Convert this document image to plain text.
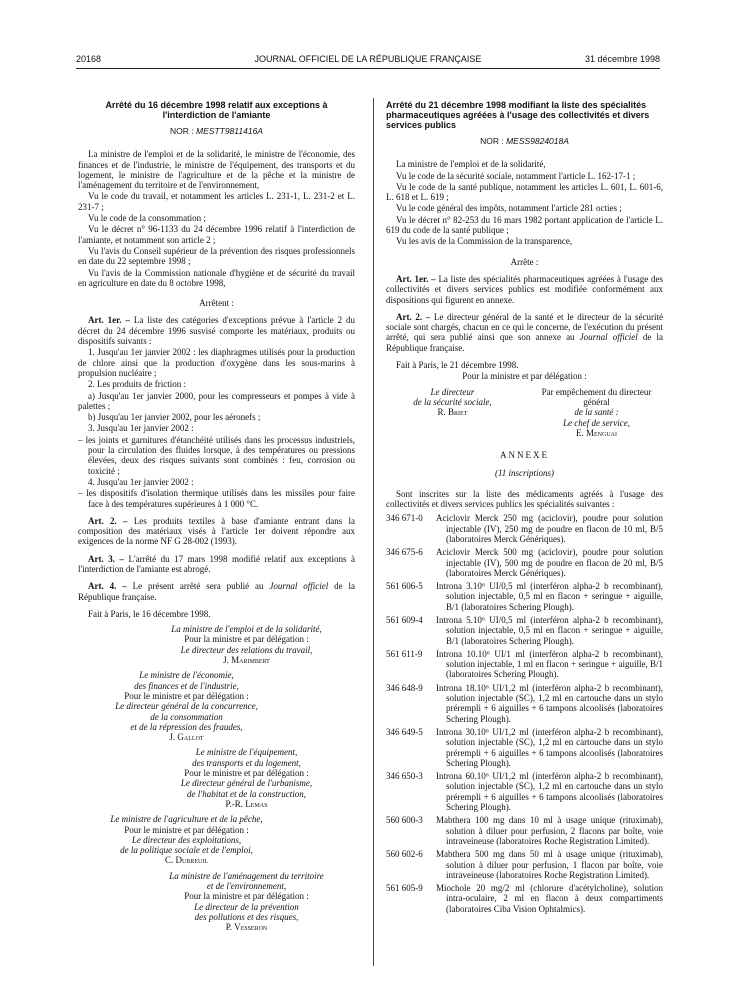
20168	JOURNAL OFFICIEL DE LA RÉPUBLIQUE FRANÇAISE	31 décembre 1998
Arrêté du 16 décembre 1998 relatif aux exceptions à l'interdiction de l'amiante
NOR : MESTT9811416A

La ministre de l'emploi et de la solidarité, le ministre de l'économie, des finances et de l'industrie, le ministre de l'équipement, des transports et du logement, le ministre de l'agriculture et de la pêche et la ministre de l'aménagement du territoire et de l'environnement,

Vu le code du travail, et notamment les articles L. 231-1, L. 231-2 et L. 231-7 ;

Vu le code de la consommation ;

Vu le décret n° 96-1133 du 24 décembre 1996 relatif à l'interdiction de l'amiante, et notamment son article 2 ;

Vu l'avis du Conseil supérieur de la prévention des risques professionnels en date du 22 septembre 1998 ;

Vu l'avis de la Commission nationale d'hygiène et de sécurité du travail en agriculture en date du 8 octobre 1998,

Arrêtent :

Art. 1er. – La liste des catégories d'exceptions prévue à l'article 2 du décret du 24 décembre 1996 susvisé comporte les matériaux, produits ou dispositifs suivants :

1. Jusqu'au 1er janvier 2002 : les diaphragmes utilisés pour la production de chlore ainsi que la production d'oxygène dans les sous-marins à propulsion nucléaire ;

2. Les produits de friction :

a) Jusqu'au 1er janvier 2000, pour les compresseurs et pompes à vide à palettes ;

b) Jusqu'au 1er janvier 2002, pour les aéronefs ;

3. Jusqu'au 1er janvier 2002 :

– les joints et garnitures d'étanchéité utilisés dans les processus industriels, pour la circulation des fluides lorsque, à des températures ou pressions élevées, deux des risques suivants sont combinés : feu, corrosion ou toxicité ;

4. Jusqu'au 1er janvier 2002 :

– les dispositifs d'isolation thermique utilisés dans les missiles pour faire face à des températures supérieures à 1 000 °C.

Art. 2. – Les produits textiles à base d'amiante entrant dans la composition des matériaux visés à l'article 1er doivent répondre aux exigences de la norme NF G 28-002 (1993).

Art. 3. – L'arrêté du 17 mars 1998 modifié relatif aux exceptions à l'interdiction de l'amiante est abrogé.

Art. 4. – Le présent arrêté sera publié au Journal officiel de la République française.

Fait à Paris, le 16 décembre 1998.

La ministre de l'emploi et de la solidarité,
Pour la ministre et par délégation :
Le directeur des relations du travail,
J. Marimbert
Le ministre de l'économie,
des finances et de l'industrie,
Pour le ministre et par délégation :
Le directeur général de la concurrence,
de la consommation
et de la répression des fraudes,
J. Gallot
Le ministre de l'équipement,
des transports et du logement,
Pour le ministre et par délégation :
Le directeur général de l'urbanisme,
de l'habitat et de la construction,
P.-R. Lemas
Le ministre de l'agriculture et de la pêche,
Pour le ministre et par délégation :
Le directeur des exploitations,
de la politique sociale et de l'emploi,
C. Dubreuil
La ministre de l'aménagement du territoire
et de l'environnement,
Pour la ministre et par délégation :
Le directeur de la prévention
des pollutions et des risques,
P. Vesseron
Arrêté du 21 décembre 1998 modifiant la liste des spécialités pharmaceutiques agréées à l'usage des collectivités et divers services publics
NOR : MESS9824018A

La ministre de l'emploi et de la solidarité,

Vu le code de la sécurité sociale, notamment l'article L. 162-17-1 ;

Vu le code de la santé publique, notamment les articles L. 601, L. 601-6, L. 618 et L. 619 ;

Vu le code général des impôts, notamment l'article 281 octies ;

Vu le décret n° 82-253 du 16 mars 1982 portant application de l'article L. 619 du code de la santé publique ;

Vu les avis de la Commission de la transparence,

Arrête :

Art. 1er. – La liste des spécialités pharmaceutiques agréées à l'usage des collectivités et divers services publics est modifiée conformément aux dispositions qui figurent en annexe.

Art. 2. – Le directeur général de la santé et le directeur de la sécurité sociale sont chargés, chacun en ce qui le concerne, de l'exécution du présent arrêté, qui sera publié ainsi que son annexe au Journal officiel de la République française.

Fait à Paris, le 21 décembre 1998.

Pour la ministre et par délégation :

Le directeur
de la sécurité sociale,
R. Briet
Par empêchement du directeur général
de la santé :
Le chef de service,
E. Menguai
ANNEXE
(11 inscriptions)

Sont inscrites sur la liste des médicaments agréés à l'usage des collectivités et divers services publics les spécialités suivantes :

346 671-0	Aciclovir Merck 250 mg (aciclovir), poudre pour solution injectable (IV), 250 mg de poudre en flacon de 10 ml, B/5 (laboratoires Merck Génériques).
346 675-6	Aciclovir Merck 500 mg (aciclovir), poudre pour solution injectable (IV), 500 mg de poudre en flacon de 20 ml, B/5 (laboratoires Merck Génériques).
561 606-5	Introna 3.10⁶ UI/0,5 ml (interféron alpha-2 b recombinant), solution injectable, 0,5 ml en flacon + seringue + aiguille, B/1 (laboratoires Schering Plough).
561 609-4	Introna 5.10⁶ UI/0,5 ml (interféron alpha-2 b recombinant), solution injectable, 0,5 ml en flacon + seringue + aiguille, B/1 (laboratoires Schering Plough).
561 611-9	Introna 10.10⁶ UI/1 ml (interféron alpha-2 b recombinant), solution injectable, 1 ml en flacon + seringue + aiguille, B/1 (laboratoires Schering Plough).
346 648-9	Introna 18.10⁶ UI/1,2 ml (interféron alpha-2 b recombinant), solution injectable (SC), 1,2 ml en cartouche dans un stylo prérempli + 6 aiguilles + 6 tampons alcoolisés (laboratoires Schering Plough).
346 649-5	Introna 30.10⁶ UI/1,2 ml (interféron alpha-2 b recombinant), solution injectable (SC), 1,2 ml en cartouche dans un stylo prérempli + 6 aiguilles + 6 tampons alcoolisés (laboratoires Schering Plough).
346 650-3	Introna 60.10⁶ UI/1,2 ml (interféron alpha-2 b recombinant), solution injectable (SC), 1,2 ml en cartouche dans un stylo prérempli + 6 aiguilles + 6 tampons alcoolisés (laboratoires Schering Plough).
560 600-3	Mabthera 100 mg dans 10 ml à usage unique (rituximab), solution à diluer pour perfusion, 2 flacons par boîte, voie intraveineuse (laboratoires Roche Registration Limited).
560 602-6	Mabthera 500 mg dans 50 ml à usage unique (rituximab), solution à diluer pour perfusion, 1 flacon par boîte, voie intraveineuse (laboratoires Roche Registration Limited).
561 605-9	Miochole 20 mg/2 ml (chlorure d'acétylcholine), solution intra-oculaire, 2 ml en flacon à deux compartiments (laboratoires Ciba Vision Ophtalmics).
